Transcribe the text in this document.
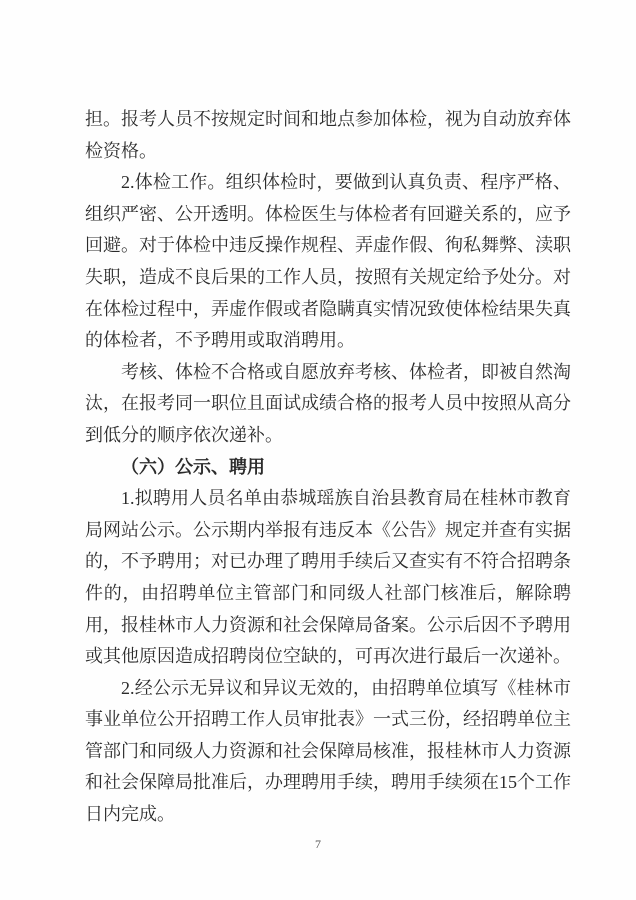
担。报考人员不按规定时间和地点参加体检，视为自动放弃体检资格。

2.体检工作。组织体检时，要做到认真负责、程序严格、组织严密、公开透明。体检医生与体检者有回避关系的，应予回避。对于体检中违反操作规程、弄虚作假、徇私舞弊、渎职失职，造成不良后果的工作人员，按照有关规定给予处分。对在体检过程中，弄虚作假或者隐瞒真实情况致使体检结果失真的体检者，不予聘用或取消聘用。

考核、体检不合格或自愿放弃考核、体检者，即被自然淘汰，在报考同一职位且面试成绩合格的报考人员中按照从高分到低分的顺序依次递补。

（六）公示、聘用

1.拟聘用人员名单由恭城瑶族自治县教育局在桂林市教育局网站公示。公示期内举报有违反本《公告》规定并查有实据的，不予聘用；对已办理了聘用手续后又查实有不符合招聘条件的，由招聘单位主管部门和同级人社部门核准后，解除聘用，报桂林市人力资源和社会保障局备案。公示后因不予聘用或其他原因造成招聘岗位空缺的，可再次进行最后一次递补。

2.经公示无异议和异议无效的，由招聘单位填写《桂林市事业单位公开招聘工作人员审批表》一式三份，经招聘单位主管部门和同级人力资源和社会保障局核准，报桂林市人力资源和社会保障局批准后，办理聘用手续，聘用手续须在15个工作日内完成。

7
